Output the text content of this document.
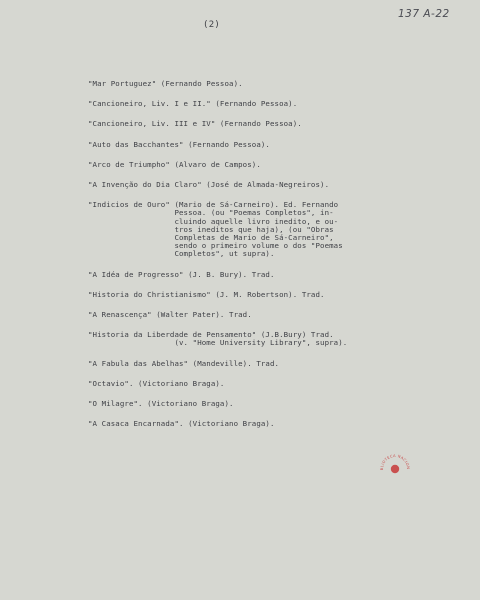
(2)
137 A-22

"Mar Portuguez" (Fernando Pessoa).

"Cancioneiro, Liv. I e II." (Fernando Pessoa).

"Cancioneiro, Liv. III e IV" (Fernando Pessoa).

"Auto das Bacchantes" (Fernando Pessoa).

"Arco de Triumpho" (Alvaro de Campos).

"A Invenção do Dia Claro" (José de Almada-Negreiros).

"Indicios de Ouro" (Mario de Sá-Carneiro). Ed. Fernando
Pessoa. (ou "Poemas Completos", in-
cluindo aquelle livro inedito, e ou-
tros ineditos que haja), (ou "Obras
Completas de Mario de Sá-Carneiro",
sendo o primeiro volume o dos "Poemas
Completos", ut supra).

"A Idéa de Progresso" (J. B. Bury). Trad.

"Historia do Christianismo" (J. M. Robertson). Trad.

"A Renascença" (Walter Pater). Trad.

"Historia da Liberdade de Pensamento" (J.B.Bury) Trad.
(v. "Home University Library", supra).

"A Fabula das Abelhas" (Mandeville). Trad.

"Octavio". (Victoriano Braga).

"O Milagre". (Victoriano Braga).

"A Casaca Encarnada". (Victoriano Braga).

BLIOTECA NACION
